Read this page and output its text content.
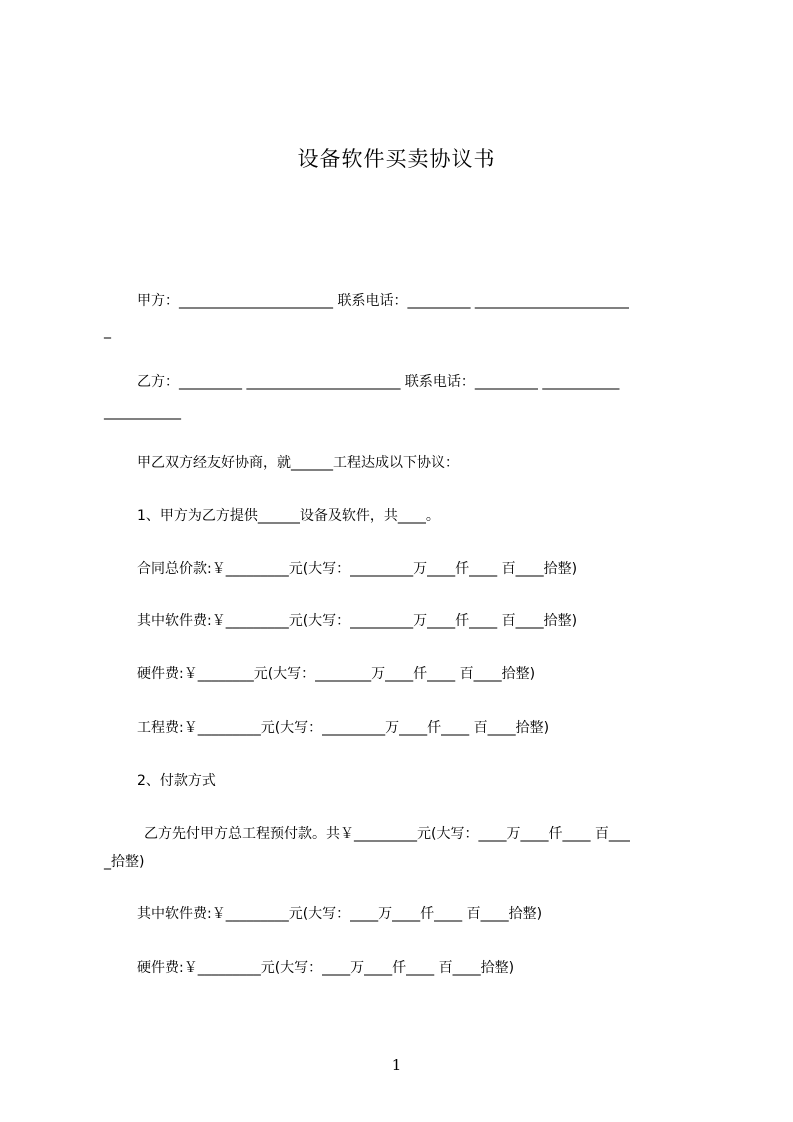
设备软件买卖协议书
甲方：______________________ 联系电话：_________ ______________________
_
乙方：_________ ______________________ 联系电话：_________ ___________
___________
甲乙双方经友好协商，就______工程达成以下协议：
1、甲方为乙方提供______设备及软件，共____。
合同总价款:￥_________元(大写：_________万____仟____ 百____拾整)
其中软件费:￥_________元(大写：_________万____仟____ 百____拾整)
硬件费:￥________元(大写：________万____仟____ 百____拾整)
工程费:￥_________元(大写：_________万____仟____ 百____拾整)
2、付款方式
乙方先付甲方总工程预付款。共￥_________元(大写：____万____仟____ 百___
_拾整)
其中软件费:￥_________元(大写：____万____仟____ 百____拾整)
硬件费:￥_________元(大写：____万____仟____ 百____拾整)
1
